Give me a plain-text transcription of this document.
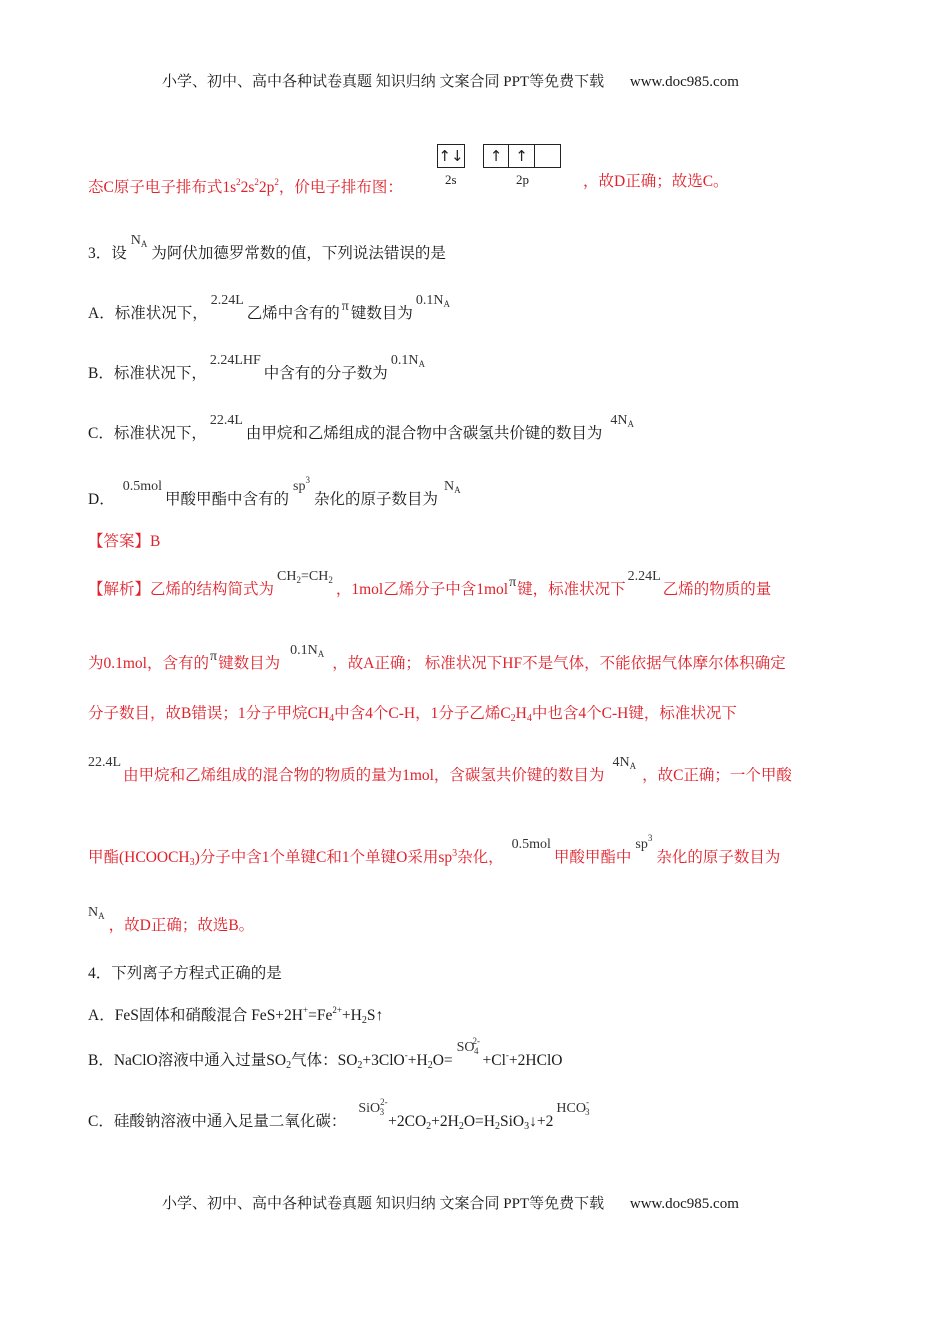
小学、初中、高中各种试卷真题 知识归纳 文案合同 PPT等免费下载 www.doc985.com
态C原子电子排布式$1s^22s^22p^2$，价电子排布图：
↑↓
2s
↑ ↑
2p	，故D正确；故选C。
3．设$N_A$为阿伏加德罗常数的值，下列说法错误的是
A．标准状况下，2.24L乙烯中含有的 π 键数目为$0.1N_A$
B．标准状况下，2.24LHF中含有的分子数为$0.1N_A$
C．标准状况下，22.4L由甲烷和乙烯组成的混合物中含碳氢共价键的数目为$4N_A$
D．0.5mol甲酸甲酯中含有的$sp^3$杂化的原子数目为$N_A$
【答案】B
【解析】乙烯的结构简式为$CH_2=CH_2$，1mol乙烯分子中含1molπ键，标准状况下2.24L乙烯的物质的量
为0.1mol，含有的π键数目为$0.1N_A$，故A正确； 标准状况下HF不是气体，不能依据气体摩尔体积确定
分子数目，故B错误；1分子甲烷CH4中含4个C-H，1分子乙烯C2H4中也含4个C-H键，标准状况下
22.4L由甲烷和乙烯组成的混合物的物质的量为1mol，含碳氢共价键的数目为$4N_A$，故C正确；一个甲酸
甲酯(HCOOCH3)分子中含1个单键C和1个单键O采用$sp^3$杂化，0.5mol甲酸甲酯中$sp^3$杂化的原子数目为
$N_A$，故D正确；故选B。
4．下列离子方程式正确的是
A．FeS固体和硝酸混合 $FeS+2H^+=Fe^{2+}+H2S↑$
B．NaClO溶液中通入过量SO2气体：$SO2+3ClO^-+H2O=SO^{2-}_4+Cl^-+2HClO$
C．硅酸钠溶液中通入足量二氧化碳：$SiO^{2-}_3+2CO2+2H2O=H2SiO3↓+2HCO^-_3$
小学、初中、高中各种试卷真题 知识归纳 文案合同 PPT等免费下载 www.doc985.com
